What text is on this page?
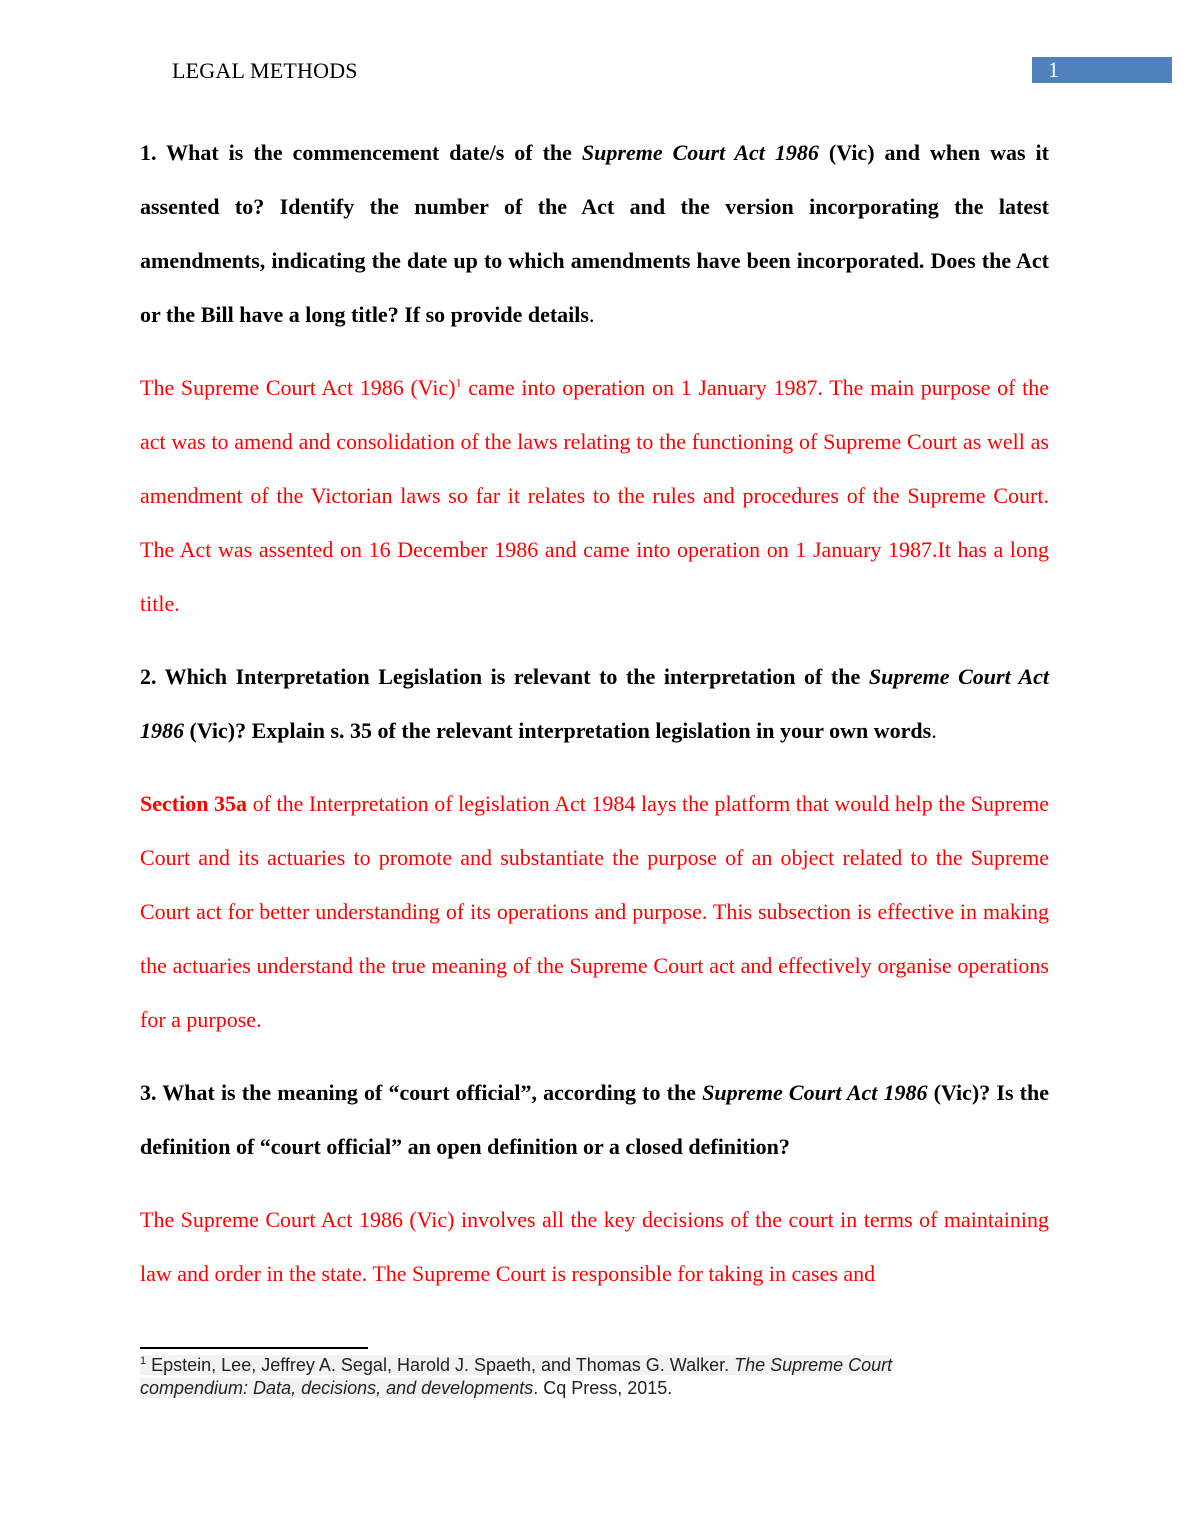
LEGAL METHODS	1

1. What is the commencement date/s of the Supreme Court Act 1986 (Vic) and when was it assented to? Identify the number of the Act and the version incorporating the latest amendments, indicating the date up to which amendments have been incorporated. Does the Act or the Bill have a long title? If so provide details.

The Supreme Court Act 1986 (Vic)$^1$ came into operation on 1 January 1987. The main purpose of the act was to amend and consolidation of the laws relating to the functioning of Supreme Court as well as amendment of the Victorian laws so far it relates to the rules and procedures of the Supreme Court. The Act was assented on 16 December 1986 and came into operation on 1 January 1987.It has a long title.

2. Which Interpretation Legislation is relevant to the interpretation of the Supreme Court Act 1986 (Vic)? Explain s. 35 of the relevant interpretation legislation in your own words.

Section 35a of the Interpretation of legislation Act 1984 lays the platform that would help the Supreme Court and its actuaries to promote and substantiate the purpose of an object related to the Supreme Court act for better understanding of its operations and purpose. This subsection is effective in making the actuaries understand the true meaning of the Supreme Court act and effectively organise operations for a purpose.

3. What is the meaning of “court official”, according to the Supreme Court Act 1986 (Vic)? Is the definition of “court official” an open definition or a closed definition?

The Supreme Court Act 1986 (Vic) involves all the key decisions of the court in terms of maintaining law and order in the state. The Supreme Court is responsible for taking in cases and

$^1$ Epstein, Lee, Jeffrey A. Segal, Harold J. Spaeth, and Thomas G. Walker. The Supreme Court compendium: Data, decisions, and developments. Cq Press, 2015.
